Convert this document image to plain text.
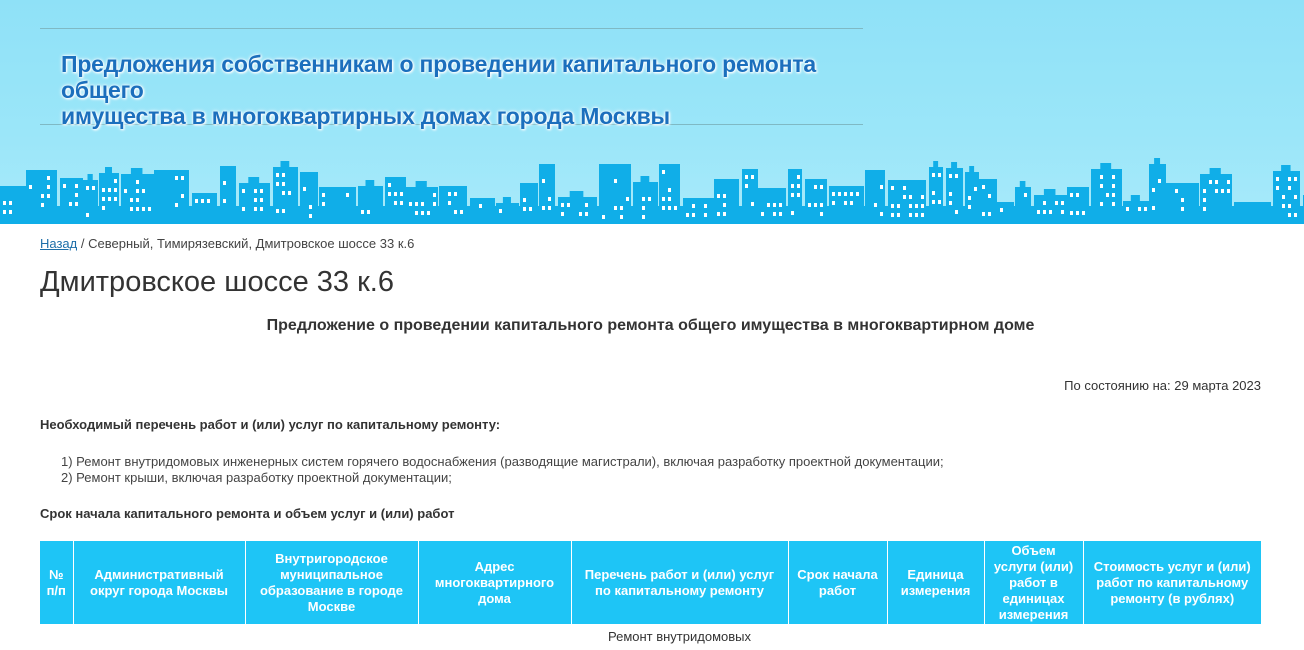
Предложения собственникам о проведении капитального ремонта общего
имущества в многоквартирных домах города Москвы
Назад / Северный, Тимирязевский, Дмитровское шоссе 33 к.6
Дмитровское шоссе 33 к.6
Предложение о проведении капитального ремонта общего имущества в многоквартирном доме
По состоянию на: 29 марта 2023
Необходимый перечень работ и (или) услуг по капитальному ремонту:
1) Ремонт внутридомовых инженерных систем горячего водоснабжения (разводящие магистрали), включая разработку проектной документации;
2) Ремонт крыши, включая разработку проектной документации;
Срок начала капитального ремонта и объем услуг и (или) работ
№ п/п	Административный округ города Москвы	Внутригородское муниципальное образование в городе Москве	Адрес многоквартирного дома	Перечень работ и (или) услуг по капитальному ремонту	Срок начала работ	Единица измерения	Объем услуги (или) работ в единицах измерения	Стоимость услуг и (или) работ по капитальному ремонту (в рублях)
				Ремонт внутридомовых				
